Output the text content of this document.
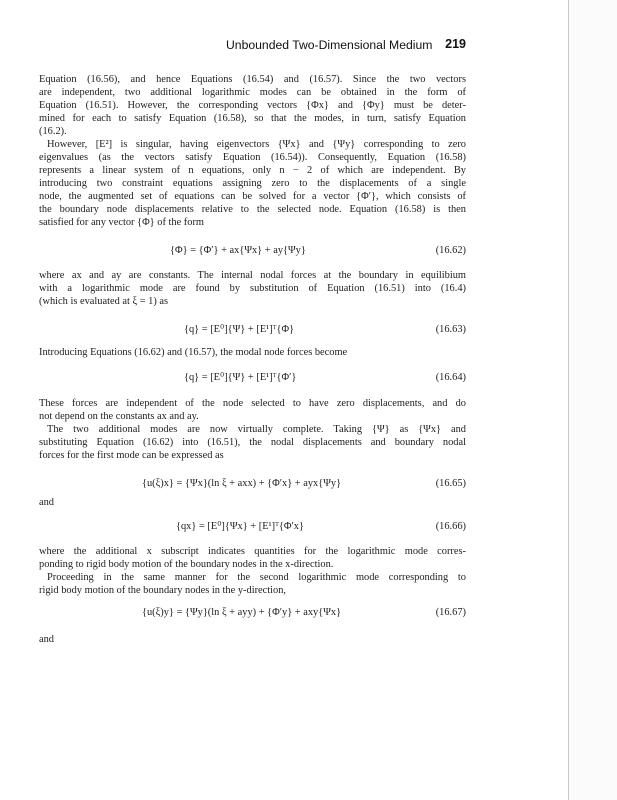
Unbounded Two-Dimensional Medium	219
Equation (16.56), and hence Equations (16.54) and (16.57). Since the two vectors
are independent, two additional logarithmic modes can be obtained in the form of
Equation (16.51). However, the corresponding vectors {Φx} and {Φy} must be deter-
mined for each to satisfy Equation (16.58), so that the modes, in turn, satisfy Equation
(16.2).
However, [E²] is singular, having eigenvectors {Ψx} and {Ψy} corresponding to zero
eigenvalues (as the vectors satisfy Equation (16.54)). Consequently, Equation (16.58)
represents a linear system of n equations, only n − 2 of which are independent. By
introducing two constraint equations assigning zero to the displacements of a single
node, the augmented set of equations can be solved for a vector {Φ′}, which consists of
the boundary node displacements relative to the selected node. Equation (16.58) is then
satisfied for any vector {Φ} of the form
{Φ} = {Φ′} + ax{Ψx} + ay{Ψy}	(16.62)
where ax and ay are constants. The internal nodal forces at the boundary in equilibium
with a logarithmic mode are found by substitution of Equation (16.51) into (16.4)
(which is evaluated at ξ = 1) as
{q} = [E⁰]{Ψ} + [E¹]ᵀ{Φ}	(16.63)
Introducing Equations (16.62) and (16.57), the modal node forces become
{q} = [E⁰]{Ψ} + [E¹]ᵀ{Φ′}	(16.64)
These forces are independent of the node selected to have zero displacements, and do
not depend on the constants ax and ay.
The two additional modes are now virtually complete. Taking {Ψ} as {Ψx} and
substituting Equation (16.62) into (16.51), the nodal displacements and boundary nodal
forces for the first mode can be expressed as
{u(ξ)x} = {Ψx}(ln ξ + axx) + {Φ′x} + ayx{Ψy}	(16.65)
and
{qx} = [E⁰]{Ψx} + [E¹]ᵀ{Φ′x}	(16.66)
where the additional x subscript indicates quantities for the logarithmic mode corres-
ponding to rigid body motion of the boundary nodes in the x-direction.
Proceeding in the same manner for the second logarithmic mode corresponding to
rigid body motion of the boundary nodes in the y-direction,
{u(ξ)y} = {Ψy}(ln ξ + ayy) + {Φ′y} + axy{Ψx}	(16.67)
and
